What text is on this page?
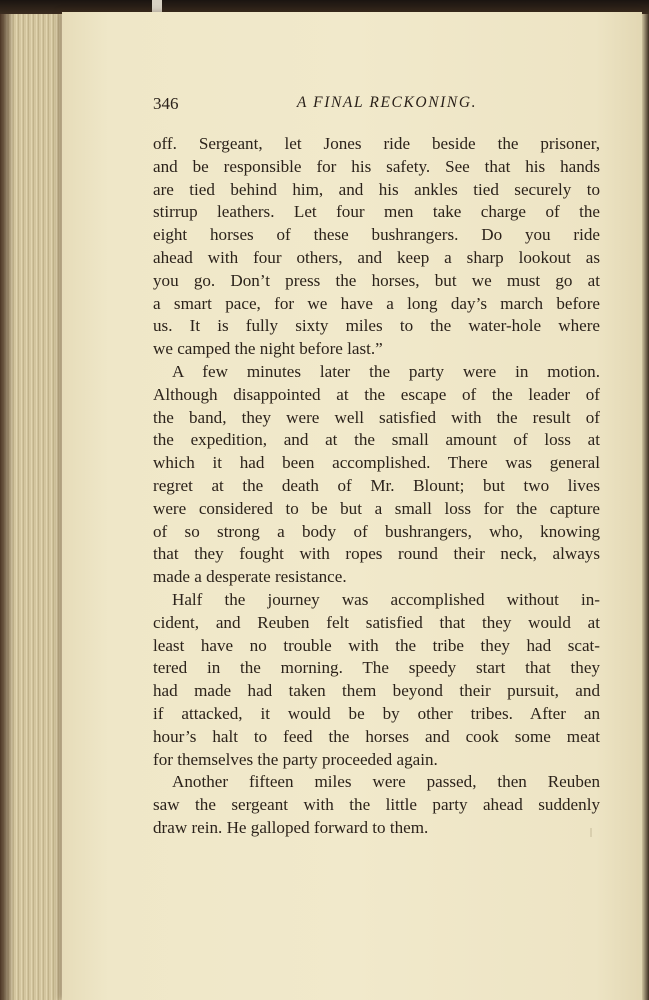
346	A FINAL RECKONING.
off. Sergeant, let Jones ride beside the prisoner,
and be responsible for his safety. See that his hands
are tied behind him, and his ankles tied securely to
stirrup leathers. Let four men take charge of the
eight horses of these bushrangers. Do you ride
ahead with four others, and keep a sharp lookout as
you go. Don’t press the horses, but we must go at
a smart pace, for we have a long day’s march before
us. It is fully sixty miles to the water-hole where
we camped the night before last.”
A few minutes later the party were in motion.
Although disappointed at the escape of the leader of
the band, they were well satisfied with the result of
the expedition, and at the small amount of loss at
which it had been accomplished. There was general
regret at the death of Mr. Blount; but two lives
were considered to be but a small loss for the capture
of so strong a body of bushrangers, who, knowing
that they fought with ropes round their neck, always
made a desperate resistance.
Half the journey was accomplished without in-
cident, and Reuben felt satisfied that they would at
least have no trouble with the tribe they had scat-
tered in the morning. The speedy start that they
had made had taken them beyond their pursuit, and
if attacked, it would be by other tribes. After an
hour’s halt to feed the horses and cook some meat
for themselves the party proceeded again.
Another fifteen miles were passed, then Reuben
saw the sergeant with the little party ahead suddenly
draw rein. He galloped forward to them.
